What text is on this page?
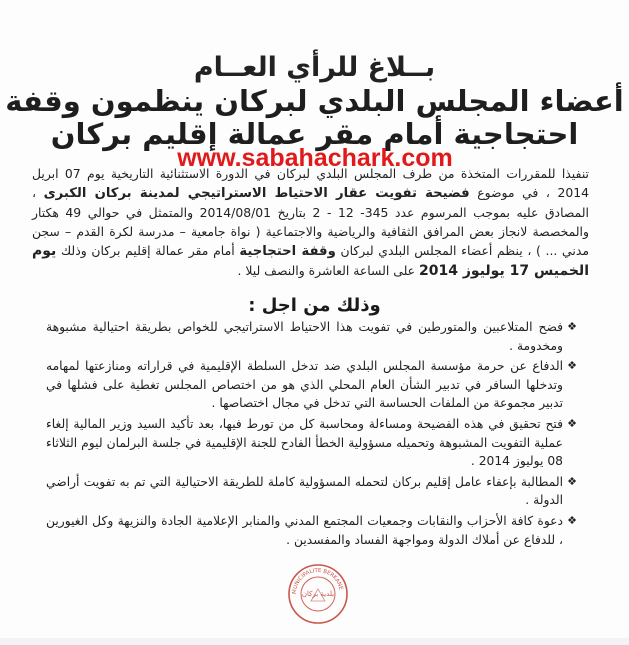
بــلاغ للرأي العــام
أعضاء المجلس البلدي لبركان ينظمون وقفة
احتجاجية أمام مقر عمالة إقليم بركان
www.sabahachark.com

تنفيذا للمقررات المتخذة من طرف المجلس البلدي لبركان في الدورة الاستثنائية التاريخية يوم 07 ابريل 2014 ، في موضوع فضيحة تفويت عقار الاحتياط الاستراتيجي لمدينة بركان الكبرى ، المصادق عليه بموجب المرسوم عدد 345- 12 - 2 بتاريخ 2014/08/01 والمتمثل في حوالي 49 هكتار والمخصصة لانجاز بعض المرافق الثقافية والرياضية والاجتماعية ( نواة جامعية – مدرسة لكرة القدم – سجن مدني ... ) ، ينظم أعضاء المجلس البلدي لبركان وقفة احتجاجية أمام مقر عمالة إقليم بركان وذلك يوم الخميس 17 يوليوز 2014 على الساعة العاشرة والنصف ليلا .

وذلك من اجل :
❖
فضح المتلاعبين والمتورطين في تفويت هذا الاحتياط الاستراتيجي للخواص بطريقة احتيالية مشبوهة ومخدومة .
❖
الدفاع عن حرمة مؤسسة المجلس البلدي ضد تدخل السلطة الإقليمية في قراراته ومنازعتها لمهامه وتدخلها السافر في تدبير الشأن العام المحلي الذي هو من اختصاص المجلس تغطية على فشلها في تدبير مجموعة من الملفات الحساسة التي تدخل في مجال اختصاصها .
❖
فتح تحقيق في هذه الفضيحة ومساءلة ومحاسبة كل من تورط فيها، بعد تأكيد السيد وزير المالية إلغاء عملية التفويت المشبوهة وتحميله مسؤولية الخطأ الفادح للجنة الإقليمية في جلسة البرلمان ليوم الثلاثاء 08 يوليوز 2014 .
❖
المطالبة بإعفاء عامل إقليم بركان لتحمله المسؤولية كاملة للطريقة الاحتيالية التي تم به تفويت أراضي الدولة .
❖
دعوة كافة الأحزاب والنقابات وجمعيات المجتمع المدني والمنابر الإعلامية الجادة والنزيهة وكل الغيورين ، للدفاع عن أملاك الدولة ومواجهة الفساد والمفسدين .
MUNICIPALITE BERKANE
بلدية بركان
